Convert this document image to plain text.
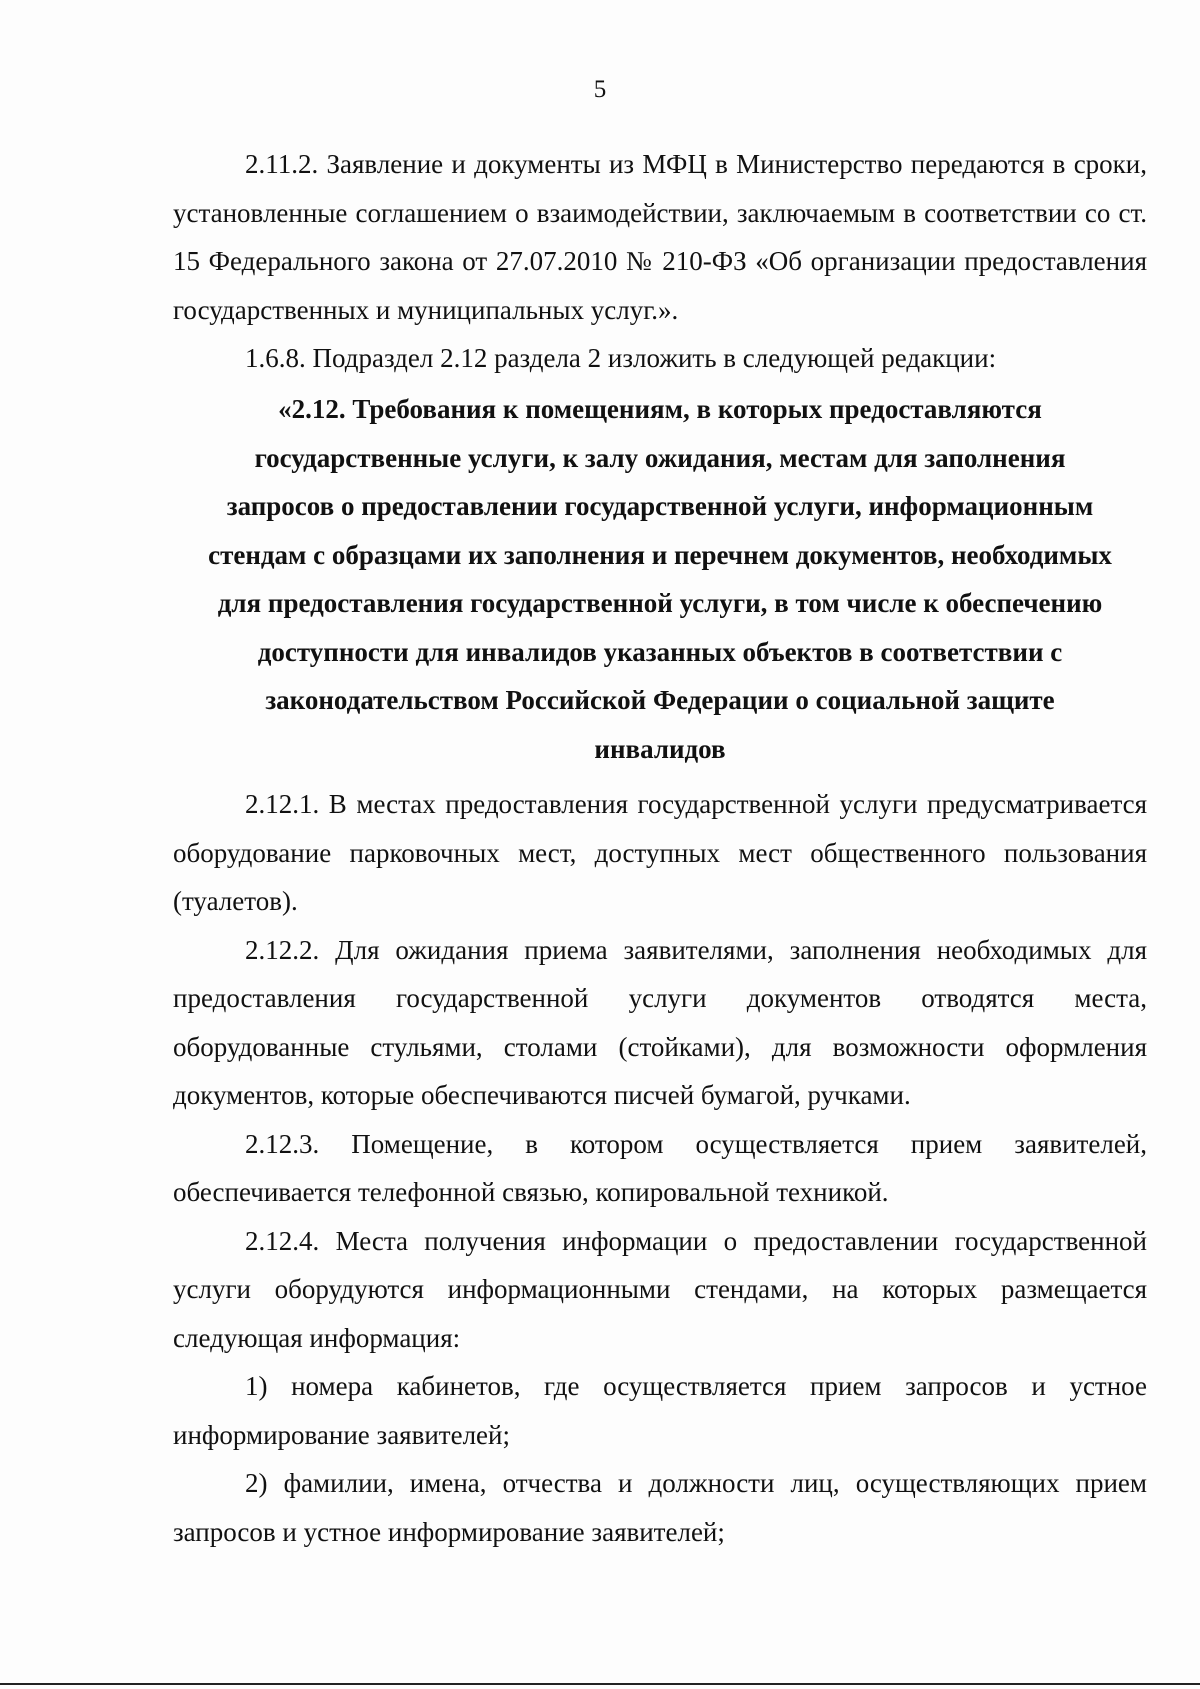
5

2.11.2. Заявление и документы из МФЦ в Министерство передаются в сроки, установленные соглашением о взаимодействии, заключаемым в соответствии со ст. 15 Федерального закона от 27.07.2010 № 210-ФЗ «Об организации предоставления государственных и муниципальных услуг.».

1.6.8. Подраздел 2.12 раздела 2 изложить в следующей редакции:

«2.12. Требования к помещениям, в которых предоставляются
государственные услуги, к залу ожидания, местам для заполнения
запросов о предоставлении государственной услуги, информационным
стендам с образцами их заполнения и перечнем документов, необходимых
для предоставления государственной услуги, в том числе к обеспечению
доступности для инвалидов указанных объектов в соответствии с
законодательством Российской Федерации о социальной защите
инвалидов

2.12.1. В местах предоставления государственной услуги предусматривается оборудование парковочных мест, доступных мест общественного пользования (туалетов).

2.12.2. Для ожидания приема заявителями, заполнения необходимых для предоставления государственной услуги документов отводятся места, оборудованные стульями, столами (стойками), для возможности оформления документов, которые обеспечиваются писчей бумагой, ручками.

2.12.3. Помещение, в котором осуществляется прием заявителей, обеспечивается телефонной связью, копировальной техникой.

2.12.4. Места получения информации о предоставлении государственной услуги оборудуются информационными стендами, на которых размещается следующая информация:

1) номера кабинетов, где осуществляется прием запросов и устное информирование заявителей;

2) фамилии, имена, отчества и должности лиц, осуществляющих прием запросов и устное информирование заявителей;
